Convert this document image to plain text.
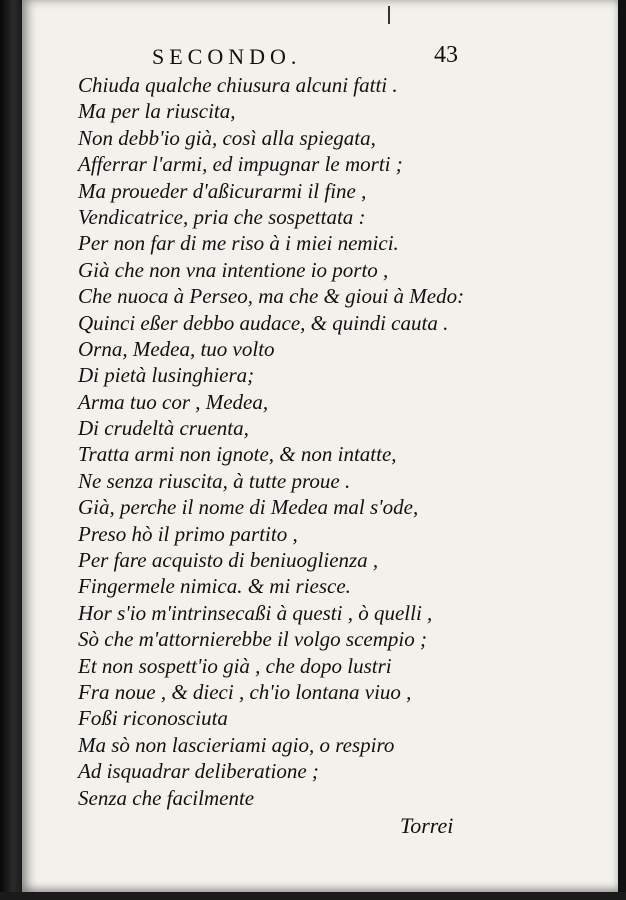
SECONDO.	43
Chiuda qualche chiusura alcuni fatti .
Ma per la riuscita,
Non debb'io già, così alla spiegata,
Afferrar l'armi, ed impugnar le morti ;
Ma proueder d'aßicurarmi il fine ,
Vendicatrice, pria che sospettata :
Per non far di me riso à i miei nemici.
Già che non vna intentione io porto ,
Che nuoca à Perseo, ma che & gioui à Medo:
Quinci eßer debbo audace, & quindi cauta .
Orna, Medea, tuo volto
Di pietà lusinghiera;
Arma tuo cor , Medea,
Di crudeltà cruenta,
Tratta armi non ignote, & non intatte,
Ne senza riuscita, à tutte proue .
Già, perche il nome di Medea mal s'ode,
Preso hò il primo partito ,
Per fare acquisto di beniuoglienza ,
Fingermele nimica. & mi riesce.
Hor s'io m'intrinsecaßi à questi , ò quelli ,
Sò che m'attornierebbe il volgo scempio ;
Et non sospett'io già , che dopo lustri
Fra noue , & dieci , ch'io lontana viuo ,
Foßi riconosciuta
Ma sò non lascieriami agio, o respiro
Ad isquadrar deliberatione ;
Senza che facilmente
Torrei
